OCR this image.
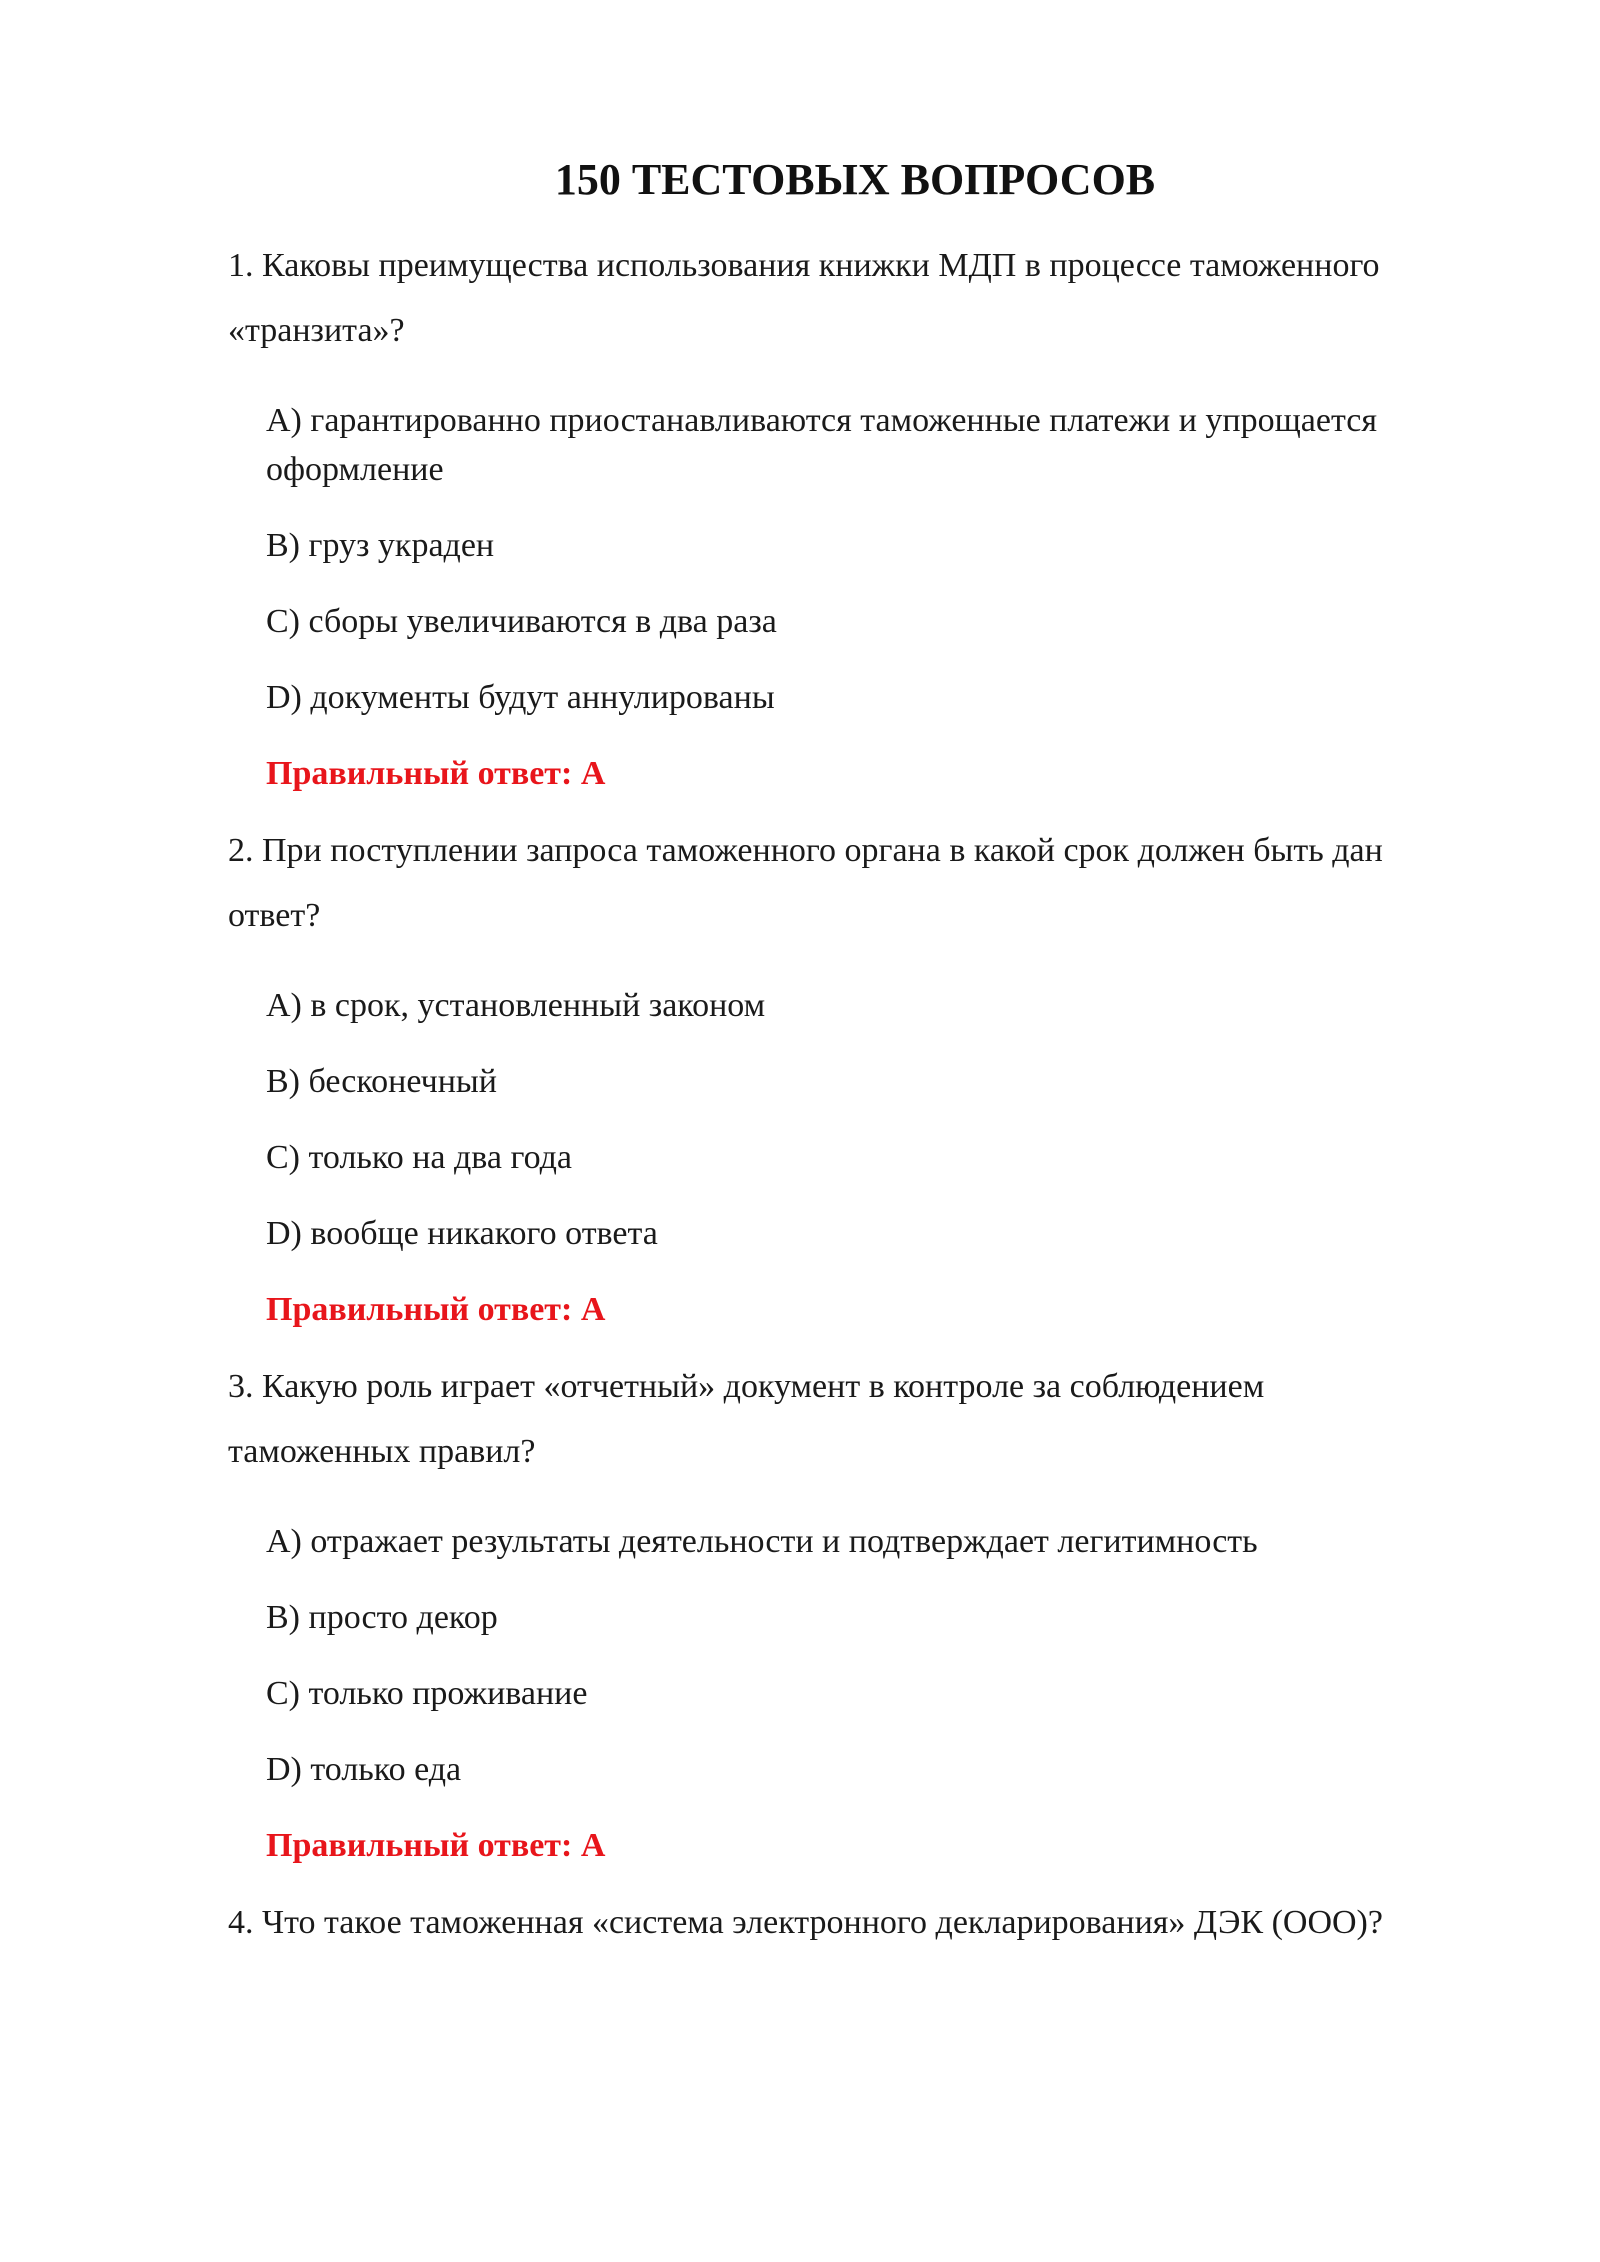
150 ТЕСТОВЫХ ВОПРОСОВ
1. Каковы преимущества использования книжки МДП в процессе таможенного «транзита»?
A) гарантированно приостанавливаются таможенные платежи и упрощается оформление
B) груз украден
C) сборы увеличиваются в два раза
D) документы будут аннулированы
Правильный ответ: A
2. При поступлении запроса таможенного органа в какой срок должен быть дан ответ?
A) в срок, установленный законом
B) бесконечный
C) только на два года
D) вообще никакого ответа
Правильный ответ: A
3. Какую роль играет «отчетный» документ в контроле за соблюдением таможенных правил?
A) отражает результаты деятельности и подтверждает легитимность
B) просто декор
C) только проживание
D) только еда
Правильный ответ: A
4. Что такое таможенная «система электронного декларирования» ДЭК (ООО)?
